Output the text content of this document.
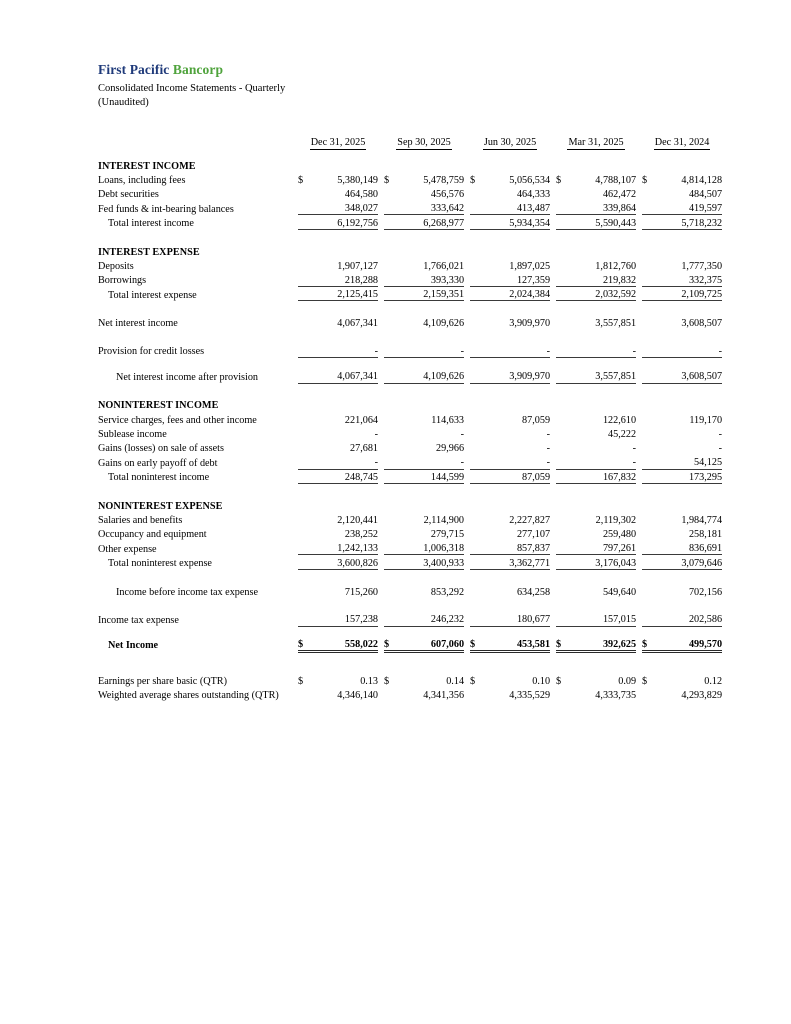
First Pacific Bancorp
Consolidated Income Statements - Quarterly
(Unaudited)
	Dec 31, 2025			Sep 30, 2025			Jun 30, 2025			Mar 31, 2025			Dec 31, 2024	

INTEREST INCOME														
Loans, including fees	$	5,380,149		$	5,478,759		$	5,056,534		$	4,788,107		$	4,814,128
Debt securities		464,580			456,576			464,333			462,472			484,507
Fed funds & int-bearing balances		348,027			333,642			413,487			339,864			419,597
Total interest income		6,192,756			6,268,977			5,934,354			5,590,443			5,718,232

INTEREST EXPENSE														
Deposits		1,907,127			1,766,021			1,897,025			1,812,760			1,777,350
Borrowings		218,288			393,330			127,359			219,832			332,375
Total interest expense		2,125,415			2,159,351			2,024,384			2,032,592			2,109,725

Net interest income		4,067,341			4,109,626			3,909,970			3,557,851			3,608,507

Provision for credit losses		-			-			-			-			-

Net interest income after provision		4,067,341			4,109,626			3,909,970			3,557,851			3,608,507

NONINTEREST INCOME														
Service charges, fees and other income		221,064			114,633			87,059			122,610			119,170
Sublease income		-			-			-			45,222			-
Gains (losses) on sale of assets		27,681			29,966			-			-			-
Gains on early payoff of debt		-			-			-			-			54,125
Total noninterest income		248,745			144,599			87,059			167,832			173,295

NONINTEREST EXPENSE														
Salaries and benefits		2,120,441			2,114,900			2,227,827			2,119,302			1,984,774
Occupancy and equipment		238,252			279,715			277,107			259,480			258,181
Other expense		1,242,133			1,006,318			857,837			797,261			836,691
Total noninterest expense		3,600,826			3,400,933			3,362,771			3,176,043			3,079,646

Income before income tax expense		715,260			853,292			634,258			549,640			702,156

Income tax expense		157,238			246,232			180,677			157,015			202,586

Net Income	$	558,022		$	607,060		$	453,581		$	392,625		$	499,570

Earnings per share basic (QTR)	$	0.13		$	0.14		$	0.10		$	0.09		$	0.12
Weighted average shares outstanding (QTR)		4,346,140			4,341,356			4,335,529			4,333,735			4,293,829
